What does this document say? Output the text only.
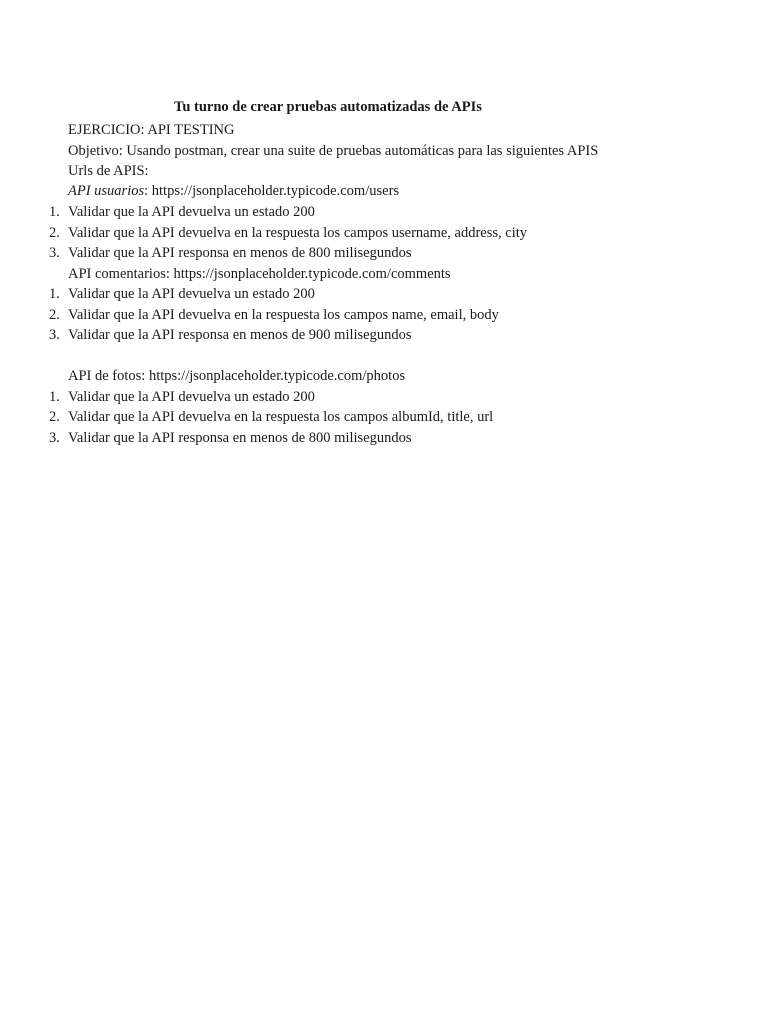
Tu turno de crear pruebas automatizadas de APIs
EJERCICIO: API TESTING
Objetivo: Usando postman, crear una suite de pruebas automáticas para las siguientes APIS
Urls de APIS:
API usuarios: https://jsonplaceholder.typicode.com/users
1. Validar que la API devuelva un estado 200
2. Validar que la API devuelva en la respuesta los campos username, address, city
3. Validar que la API responsa en menos de 800 milisegundos
API comentarios: https://jsonplaceholder.typicode.com/comments
1. Validar que la API devuelva un estado 200
2. Validar que la API devuelva en la respuesta los campos name, email, body
3. Validar que la API responsa en menos de 900 milisegundos
API de fotos: https://jsonplaceholder.typicode.com/photos
1. Validar que la API devuelva un estado 200
2. Validar que la API devuelva en la respuesta los campos albumId, title, url
3. Validar que la API responsa en menos de 800 milisegundos
